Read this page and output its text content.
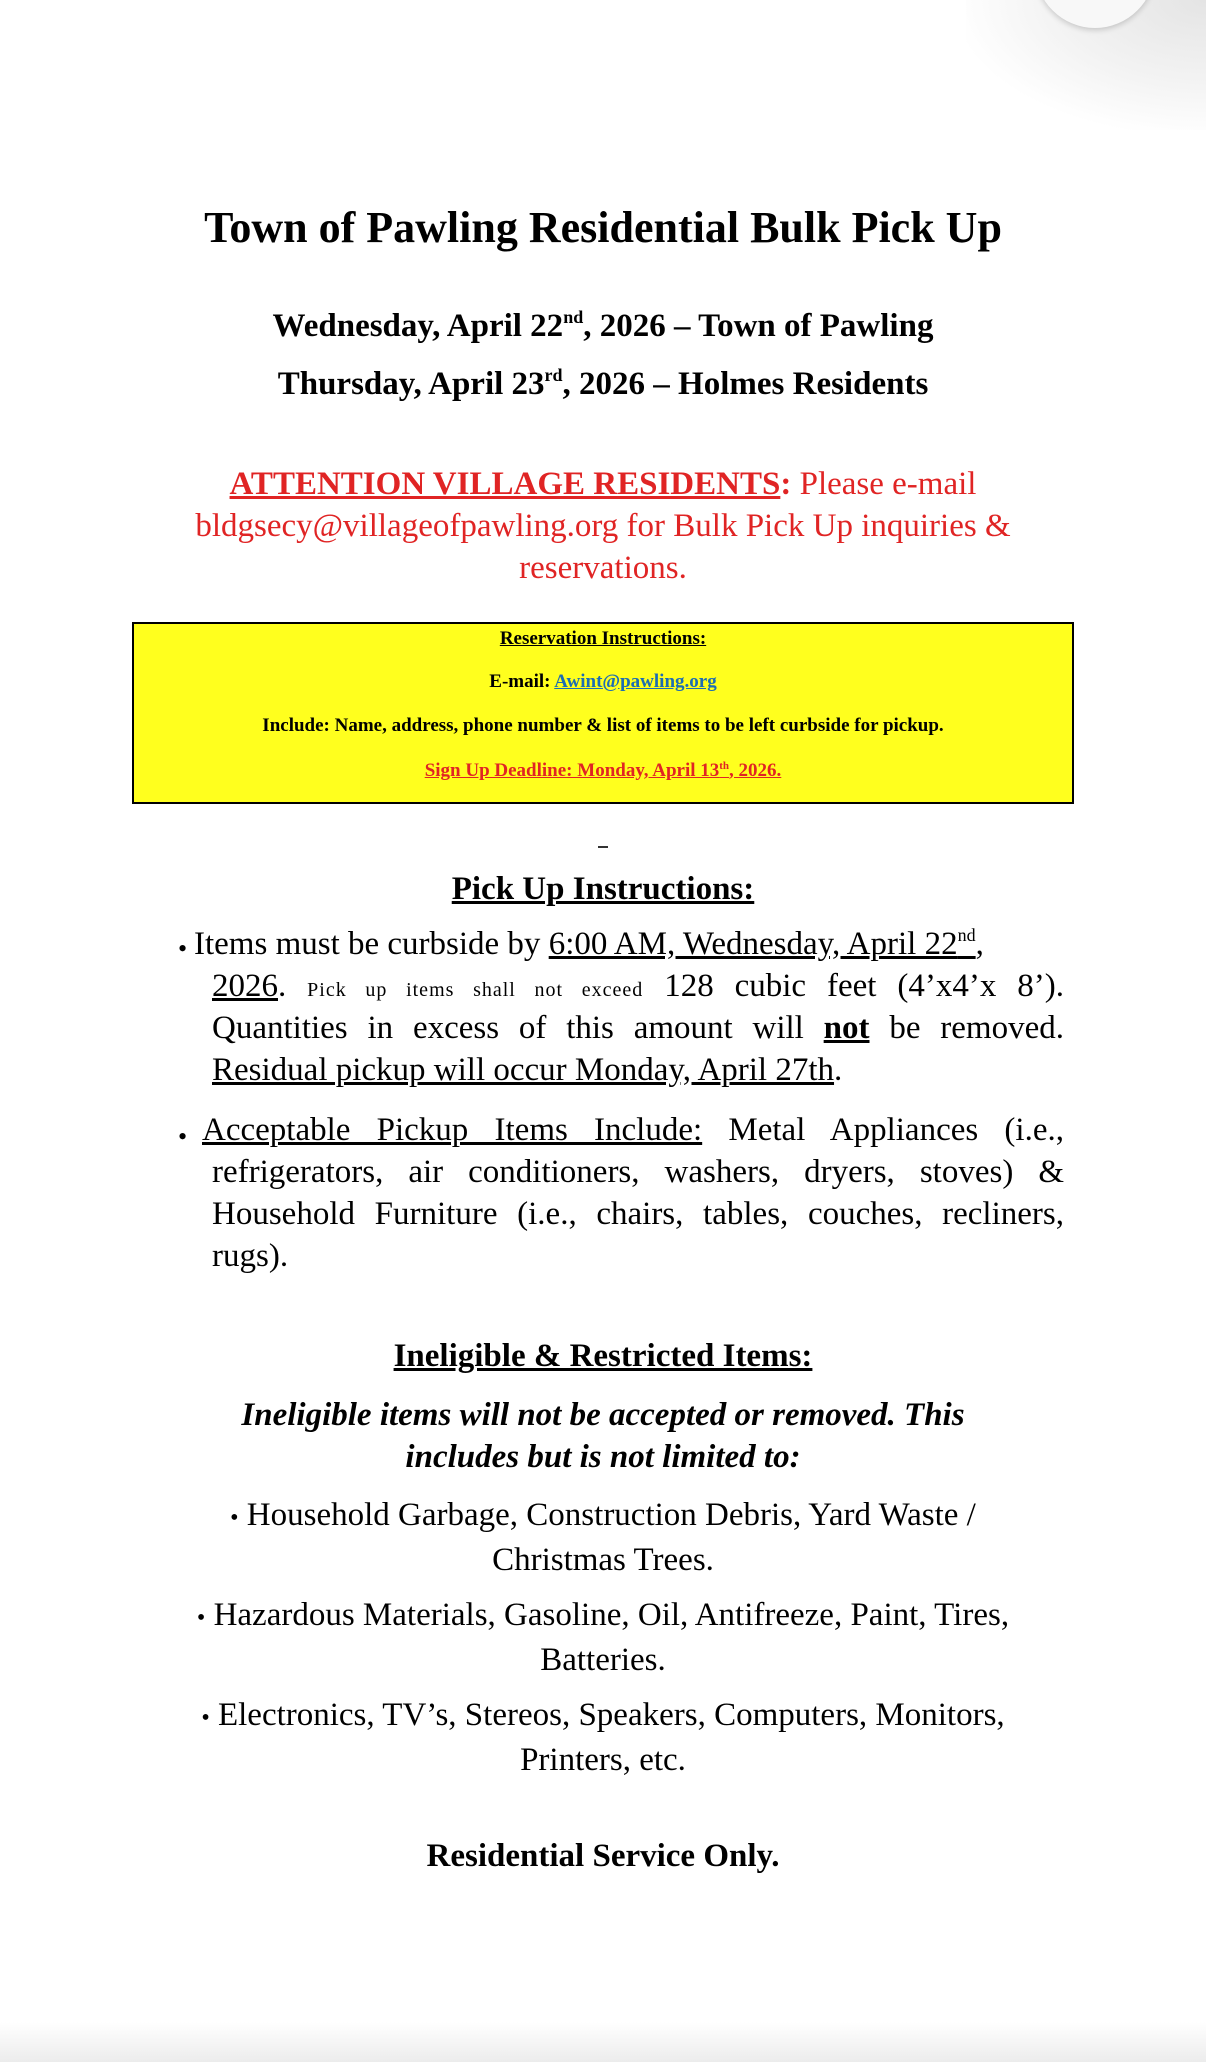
Town of Pawling Residential Bulk Pick Up
Wednesday, April 22nd, 2026 – Town of Pawling
Thursday, April 23rd, 2026 – Holmes Residents
ATTENTION VILLAGE RESIDENTS: Please e-mail
bldgsecy@villageofpawling.org for Bulk Pick Up inquiries &
reservations.
Reservation Instructions:
E-mail: Awint@pawling.org
Include: Name, address, phone number & list of items to be left curbside for pickup.
Sign Up Deadline: Monday, April 13th, 2026.
Pick Up Instructions:
• Items must be curbside by 6:00 AM, Wednesday, April 22nd,
2026. Pick up items shall not exceed 128 cubic feet (4’x4’x 8’).
Quantities in excess of this amount will not be removed.
Residual pickup will occur Monday, April 27th.
• Acceptable Pickup Items Include: Metal Appliances (i.e.,
refrigerators, air conditioners, washers, dryers, stoves) &
Household Furniture (i.e., chairs, tables, couches, recliners,
rugs).
Ineligible & Restricted Items:
Ineligible items will not be accepted or removed. This
includes but is not limited to:
• Household Garbage, Construction Debris, Yard Waste /
Christmas Trees.
• Hazardous Materials, Gasoline, Oil, Antifreeze, Paint, Tires,
Batteries.
• Electronics, TV’s, Stereos, Speakers, Computers, Monitors,
Printers, etc.
Residential Service Only.
